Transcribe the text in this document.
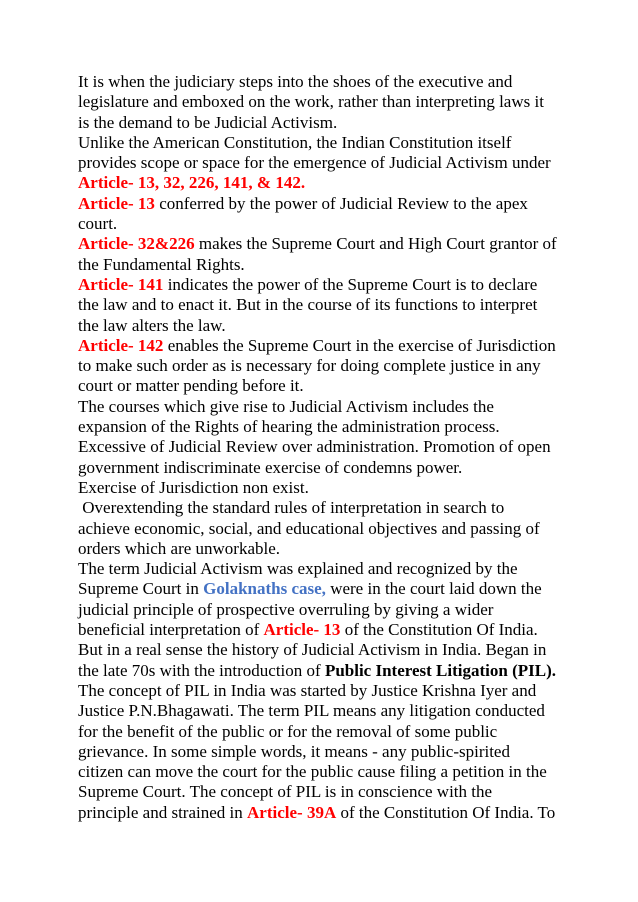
It is when the judiciary steps into the shoes of the executive and
legislature and emboxed on the work, rather than interpreting laws it
is the demand to be Judicial Activism.
Unlike the American Constitution, the Indian Constitution itself
provides scope or space for the emergence of Judicial Activism under
Article- 13, 32, 226, 141, & 142.
Article- 13 conferred by the power of Judicial Review to the apex
court.
Article- 32&226 makes the Supreme Court and High Court grantor of
the Fundamental Rights.
Article- 141 indicates the power of the Supreme Court is to declare
the law and to enact it. But in the course of its functions to interpret
the law alters the law.
Article- 142 enables the Supreme Court in the exercise of Jurisdiction
to make such order as is necessary for doing complete justice in any
court or matter pending before it.
The courses which give rise to Judicial Activism includes the
expansion of the Rights of hearing the administration process.
Excessive of Judicial Review over administration. Promotion of open
government indiscriminate exercise of condemns power.
Exercise of Jurisdiction non exist.
Overextending the standard rules of interpretation in search to
achieve economic, social, and educational objectives and passing of
orders which are unworkable.
The term Judicial Activism was explained and recognized by the
Supreme Court in Golaknaths case, were in the court laid down the
judicial principle of prospective overruling by giving a wider
beneficial interpretation of Article- 13 of the Constitution Of India.
But in a real sense the history of Judicial Activism in India. Began in
the late 70s with the introduction of Public Interest Litigation (PIL).
The concept of PIL in India was started by Justice Krishna Iyer and
Justice P.N.Bhagawati. The term PIL means any litigation conducted
for the benefit of the public or for the removal of some public
grievance. In some simple words, it means - any public-spirited
citizen can move the court for the public cause filing a petition in the
Supreme Court. The concept of PIL is in conscience with the
principle and strained in Article- 39A of the Constitution Of India. To
